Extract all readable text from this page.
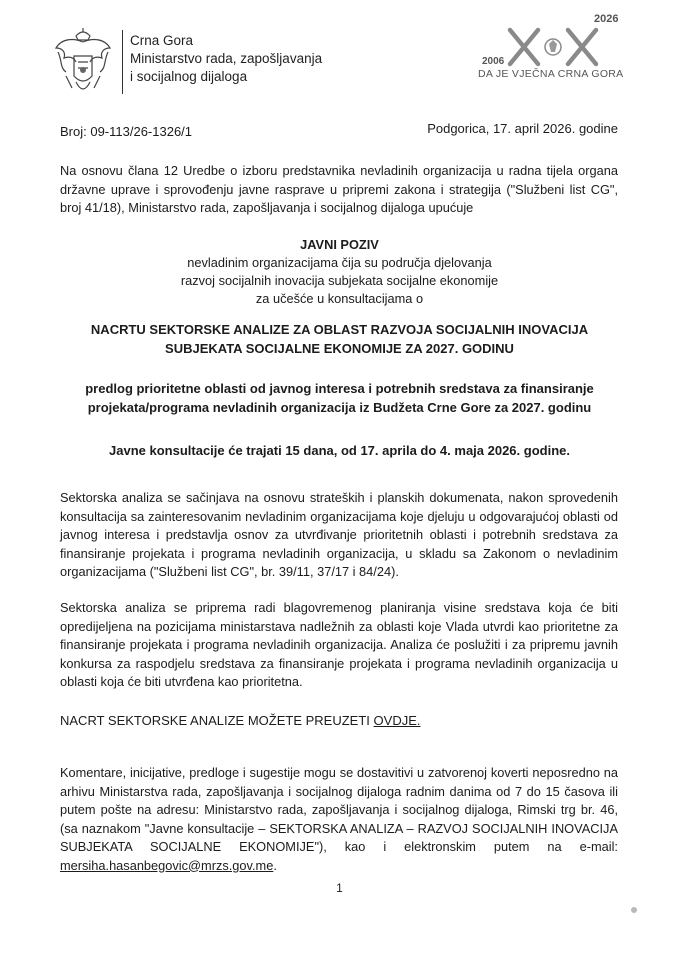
Crna Gora
Ministarstvo rada, zapošljavanja
i socijalnog dijaloga
2026
2006
DA JE VJEČNA CRNA GORA
Broj: 09-113/26-1326/1	Podgorica, 17. april 2026. godine
Na osnovu člana 12 Uredbe o izboru predstavnika nevladinih organizacija u radna tijela organa državne uprave i sprovođenju javne rasprave u pripremi zakona i strategija ("Službeni list CG", broj 41/18), Ministarstvo rada, zapošljavanja i socijalnog dijaloga upućuje
JAVNI POZIV
nevladinim organizacijama čija su područja djelovanja
razvoj socijalnih inovacija subjekata socijalne ekonomije
za učešće u konsultacijama o
NACRTU SEKTORSKE ANALIZE ZA OBLAST RAZVOJA SOCIJALNIH INOVACIJA
SUBJEKATA SOCIJALNE EKONOMIJE ZA 2027. GODINU
predlog prioritetne oblasti od javnog interesa i potrebnih sredstava za finansiranje
projekata/programa nevladinih organizacija iz Budžeta Crne Gore za 2027. godinu
Javne konsultacije će trajati 15 dana, od 17. aprila do 4. maja 2026. godine.
Sektorska analiza se sačinjava na osnovu strateških i planskih dokumenata, nakon sprovedenih konsultacija sa zainteresovanim nevladinim organizacijama koje djeluju u odgovarajućoj oblasti od javnog interesa i predstavlja osnov za utvrđivanje prioritetnih oblasti i potrebnih sredstava za finansiranje projekata i programa nevladinih organizacija, u skladu sa Zakonom o nevladinim organizacijama ("Službeni list CG", br. 39/11, 37/17 i 84/24).
Sektorska analiza se priprema radi blagovremenog planiranja visine sredstava koja će biti opredijeljena na pozicijama ministarstava nadležnih za oblasti koje Vlada utvrdi kao prioritetne za finansiranje projekata i programa nevladinih organizacija. Analiza će poslužiti i za pripremu javnih konkursa za raspodjelu sredstava za finansiranje projekata i programa nevladinih organizacija u oblasti koja će biti utvrđena kao prioritetna.
NACRT SEKTORSKE ANALIZE MOŽETE PREUZETI OVDJE.
Komentare, inicijative, predloge i sugestije mogu se dostavitivi u zatvorenoj koverti neposredno na arhivu Ministarstva rada, zapošljavanja i socijalnog dijaloga radnim danima od 7 do 15 časova ili putem pošte na adresu: Ministarstvo rada, zapošljavanja i socijalnog dijaloga, Rimski trg br. 46, (sa naznakom "Javne konsultacije – SEKTORSKA ANALIZA – RAZVOJ SOCIJALNIH INOVACIJA SUBJEKATA SOCIJALNE EKONOMIJE"), kao i elektronskim putem na e-mail: mersiha.hasanbegovic@mrzs.gov.me.
1
